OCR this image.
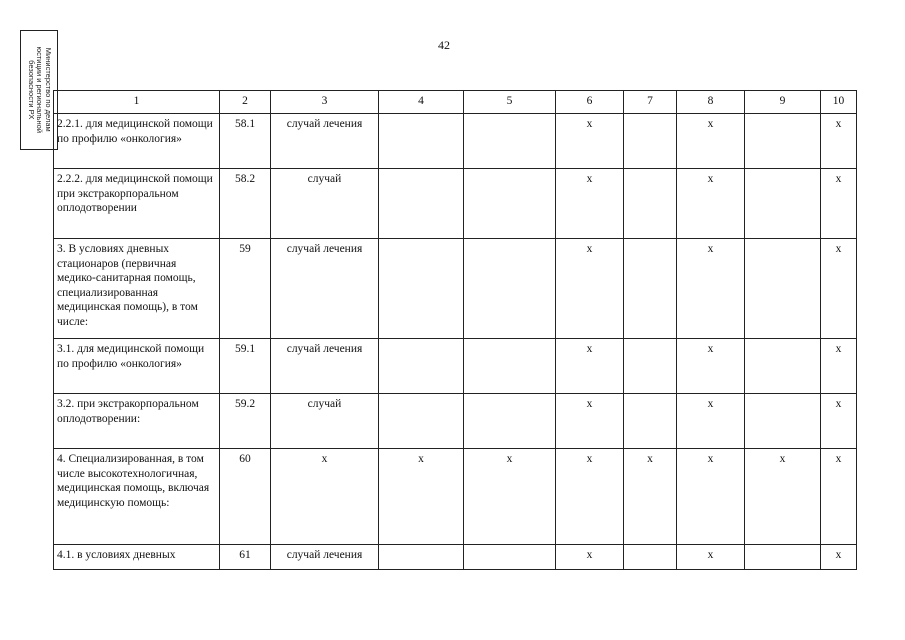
42
Министерство по делам
юстиции и региональной
безопасности РХ	1	2	3	4	5	6	7	8	9	10
2.2.1. для медицинской помощи по профилю «онкология»	58.1	случай лечения			х		х		х
2.2.2. для медицинской помощи при экстракорпоральном оплодотворении	58.2	случай			х		х		х
3. В условиях дневных стационаров (первичная медико-санитарная помощь, специализированная медицинская помощь), в том числе:	59	случай лечения			х		х		х
3.1. для медицинской помощи по профилю «онкология»	59.1	случай лечения			х		х		х
3.2. при экстракорпоральном оплодотворении:	59.2	случай			х		х		х
4. Специализированная, в том числе высокотехнологичная, медицинская помощь, включая медицинскую помощь:	60	х	х	х	х	х	х	х	х
4.1. в условиях дневных	61	случай лечения			х		х		х
